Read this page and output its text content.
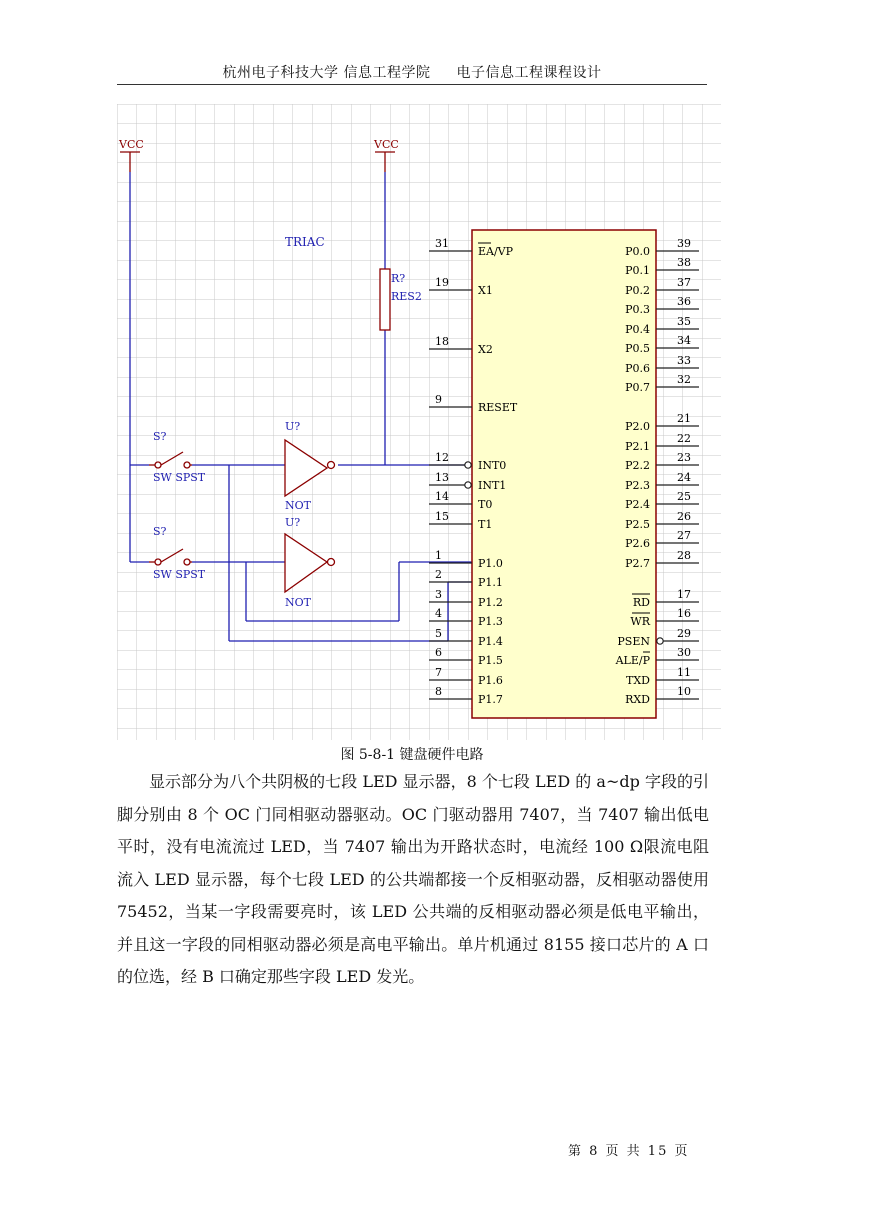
杭州电子科技大学 信息工程学院 电子信息工程课程设计
VCC	VCC
R?
RES2
TRIAC
S?
SW SPST
S?
SW SPST
U?
NOT
U?
NOT
31
EA/VP
19
X1
18
X2
9
RESET
12
INT0
13
INT1
14
T0
15
T1
1
P1.0
2
P1.1
3
P1.2
4
P1.3
5
P1.4
6
P1.5
7
P1.6
8
P1.7
39
P0.0
38
P0.1
37
P0.2
36
P0.3
35
P0.4
34
P0.5
33
P0.6
32
P0.7
21
P2.0
22
P2.1
23
P2.2
24
P2.3
25
P2.4
26
P2.5
27
P2.6
28
P2.7
17
RD
16
WR
29
PSEN
30
ALE/P
11
TXD
10
RXD
图 5-8-1 键盘硬件电路

显示部分为八个共阴极的七段 LED 显示器，8 个七段 LED 的 a~dp 字段的引脚分别由 8 个 OC 门同相驱动器驱动。OC 门驱动器用 7407，当 7407 输出低电平时，没有电流流过 LED，当 7407 输出为开路状态时，电流经 100 Ω限流电阻流入 LED 显示器，每个七段 LED 的公共端都接一个反相驱动器，反相驱动器使用 75452，当某一字段需要亮时，该 LED 公共端的反相驱动器必须是低电平输出，并且这一字段的同相驱动器必须是高电平输出。单片机通过 8155 接口芯片的 A 口的位选，经 B 口确定那些字段 LED 发光。

第 8 页 共 15 页
